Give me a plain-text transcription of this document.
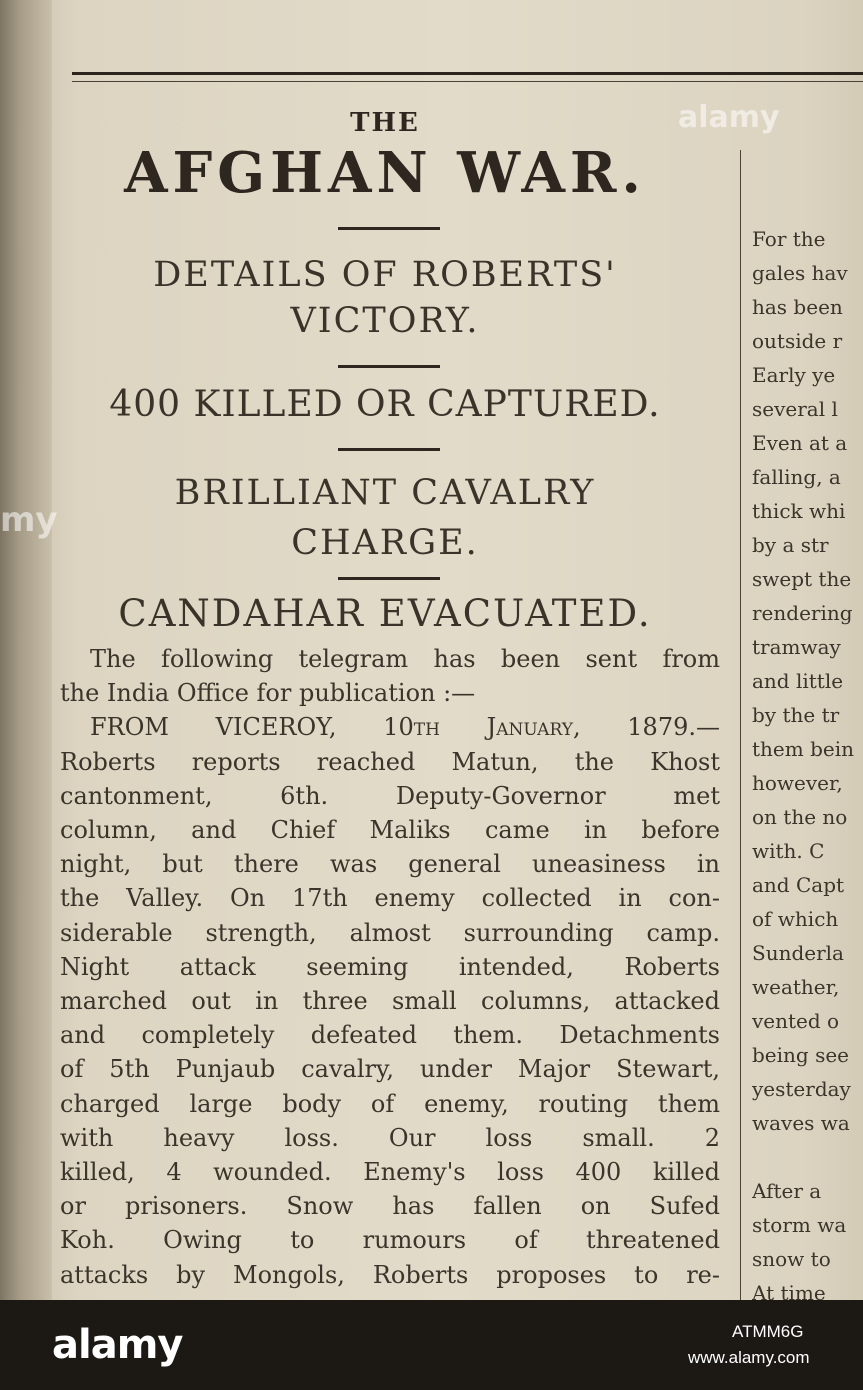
THE
AFGHAN WAR.
DETAILS OF ROBERTS'
VICTORY.
400 KILLED OR CAPTURED.
BRILLIANT CAVALRY
CHARGE.
CANDAHAR EVACUATED.
The following telegram has been sent from
the India Office for publication :—
FROM VICEROY, 10th January, 1879.—
Roberts reports reached Matun, the Khost
cantonment, 6th. Deputy-Governor met
column, and Chief Maliks came in before
night, but there was general uneasiness in
the Valley. On 17th enemy collected in con-
siderable strength, almost surrounding camp.
Night attack seeming intended, Roberts
marched out in three small columns, attacked
and completely defeated them. Detachments
of 5th Punjaub cavalry, under Major Stewart,
charged large body of enemy, routing them
with heavy loss. Our loss small. 2
killed, 4 wounded. Enemy's loss 400 killed
or prisoners. Snow has fallen on Sufed
Koh. Owing to rumours of threatened
attacks by Mongols, Roberts proposes to re-
For the
gales hav
has been
outside r
Early ye
several l
Even at a
falling, a
thick whi
by a str
swept the
rendering
tramway
and little
by the tr
them bein
however,
on the no
with. C
and Capt
of which
Sunderla
weather,
vented o
being see
yesterday
waves wa
After a
storm wa
snow to
At time
my
alamy
alamy	ATMM6G
www.alamy.com
